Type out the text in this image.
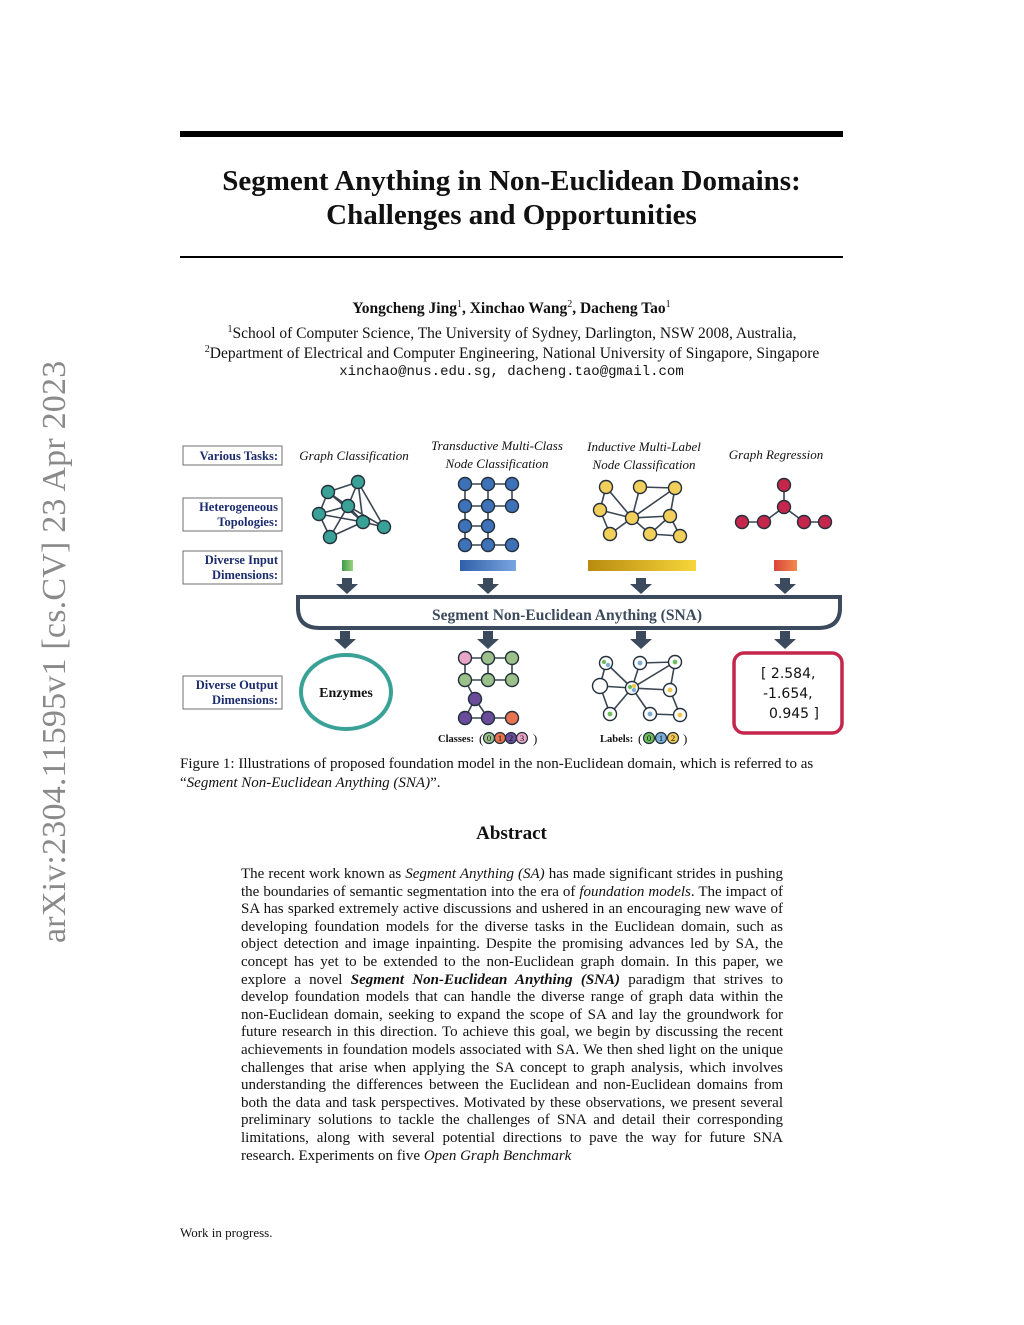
arXiv:2304.11595v1 [cs.CV] 23 Apr 2023
Segment Anything in Non-Euclidean Domains:
Challenges and Opportunities
Yongcheng Jing$^1$, Xinchao Wang$^2$, Dacheng Tao$^1$
$^1$School of Computer Science, The University of Sydney, Darlington, NSW 2008, Australia,
$^2$Department of Electrical and Computer Engineering, National University of Singapore, Singapore
xinchao@nus.edu.sg, dacheng.tao@gmail.com
Various Tasks:
Heterogeneous
Topologies:
Diverse Input
Dimensions:
Diverse Output
Dimensions:
Graph Classification
Transductive Multi-Class
Node Classification
Inductive Multi-Label
Node Classification
Graph Regression
Segment Non-Euclidean Anything (SNA)
Enzymes
Classes: ( 0 1 2 3 )	Labels: ( 0 1 2 )
[ 2.584,
-1.654,
0.945 ]
Figure 1: Illustrations of proposed foundation model in the non-Euclidean domain, which is referred to as “Segment Non-Euclidean Anything (SNA)”.
Abstract
The recent work known as Segment Anything (SA) has made significant strides in pushing the boundaries of semantic segmentation into the era of foundation models. The impact of SA has sparked extremely active discussions and ushered in an encouraging new wave of developing foundation models for the diverse tasks in the Euclidean domain, such as object detection and image inpainting. Despite the promising advances led by SA, the concept has yet to be extended to the non-Euclidean graph domain. In this paper, we explore a novel Segment Non-Euclidean Anything (SNA) paradigm that strives to develop foundation models that can handle the diverse range of graph data within the non-Euclidean domain, seeking to expand the scope of SA and lay the groundwork for future research in this direction. To achieve this goal, we begin by discussing the recent achievements in foundation models associated with SA. We then shed light on the unique challenges that arise when applying the SA concept to graph analysis, which involves understanding the differences between the Euclidean and non-Euclidean domains from both the data and task perspectives. Motivated by these observations, we present several preliminary solutions to tackle the challenges of SNA and detail their corresponding limitations, along with several potential directions to pave the way for future SNA research. Experiments on five Open Graph Benchmark
Work in progress.
